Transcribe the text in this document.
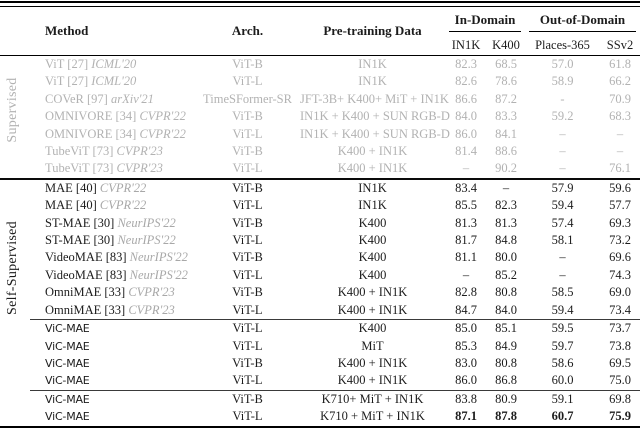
Supervised
Self-Supervised
	Method	Arch.	Pre-training Data	In-Domain		Out-of-Domain	

				IN1K	K400	Places-365	SSv2
	ViT [27] ICML'20	ViT-B	IN1K	82.3	68.5	57.0	61.8
	ViT [27] ICML'20	ViT-L	IN1K	82.6	78.6	58.9	66.2
	COVeR [97] arXiv'21	TimeSFormer-SR	JFT-3B+ K400+ MiT + IN1K	86.6	87.2	-	70.9
	OMNIVORE [34] CVPR'22	ViT-B	IN1K + K400 + SUN RGB-D	84.0	83.3	59.2	68.3
	OMNIVORE [34] CVPR'22	ViT-L	IN1K + K400 + SUN RGB-D	86.0	84.1	–	–
	TubeViT [73] CVPR'23	ViT-B	K400 + IN1K	81.4	88.6	–	–
	TubeViT [73] CVPR'23	ViT-L	K400 + IN1K	–	90.2	–	76.1
	MAE [40] CVPR'22	ViT-B	IN1K	83.4	–	57.9	59.6
	MAE [40] CVPR'22	ViT-L	IN1K	85.5	82.3	59.4	57.7
	ST-MAE [30] NeurIPS'22	ViT-B	K400	81.3	81.3	57.4	69.3
	ST-MAE [30] NeurIPS'22	ViT-L	K400	81.7	84.8	58.1	73.2
	VideoMAE [83] NeurIPS'22	ViT-B	K400	81.1	80.0	–	69.6
	VideoMAE [83] NeurIPS'22	ViT-L	K400	–	85.2	–	74.3
	OmniMAE [33] CVPR'23	ViT-B	K400 + IN1K	82.8	80.8	58.5	69.0
	OmniMAE [33] CVPR'23	ViT-L	K400 + IN1K	84.7	84.0	59.4	73.4
	ViC-MAE	ViT-L	K400	85.0	85.1	59.5	73.7
	ViC-MAE	ViT-L	MiT	85.3	84.9	59.7	73.8
	ViC-MAE	ViT-B	K400 + IN1K	83.0	80.8	58.6	69.5
	ViC-MAE	ViT-L	K400 + IN1K	86.0	86.8	60.0	75.0
	ViC-MAE	ViT-B	K710+ MiT + IN1K	83.8	80.9	59.1	69.8
	ViC-MAE	ViT-L	K710 + MiT + IN1K	87.1	87.8	60.7	75.9
